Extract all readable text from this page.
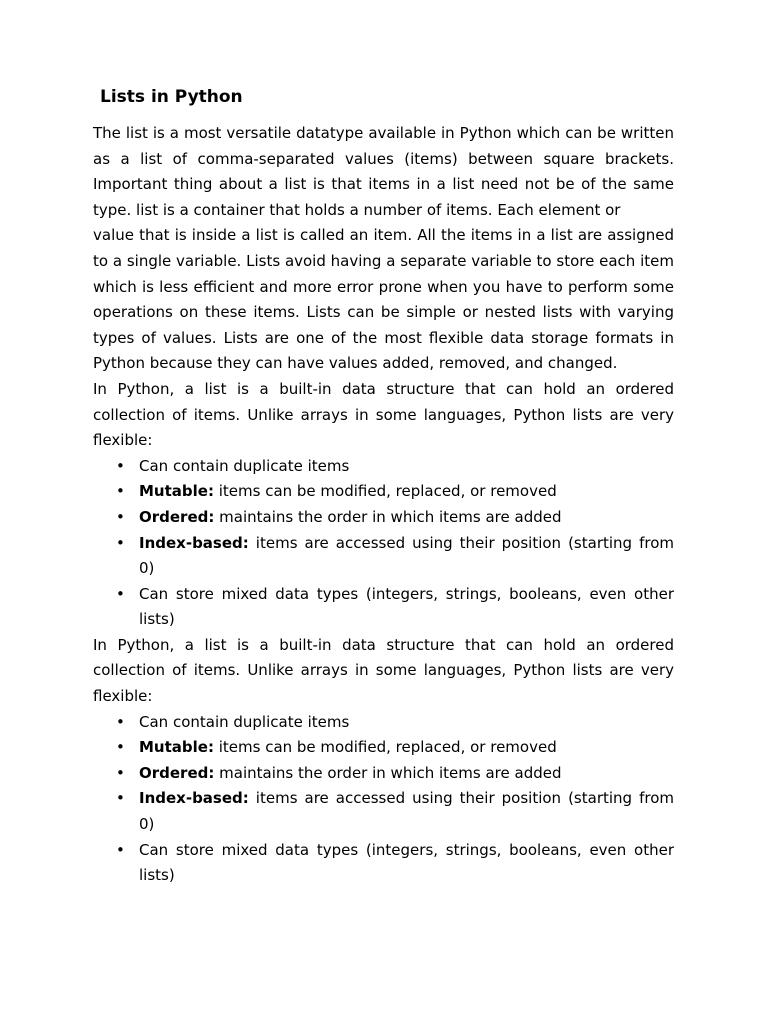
Lists in Python

The list is a most versatile datatype available in Python which can be written as a list of comma-separated values (items) between square brackets. Important thing about a list is that items in a list need not be of the same type. list is a container that holds a number of items. Each element or

value that is inside a list is called an item. All the items in a list are assigned to a single variable. Lists avoid having a separate variable to store each item which is less efficient and more error prone when you have to perform some operations on these items. Lists can be simple or nested lists with varying types of values. Lists are one of the most flexible data storage formats in Python because they can have values added, removed, and changed.

In Python, a list is a built-in data structure that can hold an ordered collection of items. Unlike arrays in some languages, Python lists are very flexible:

• Can contain duplicate items
• Mutable: items can be modified, replaced, or removed
• Ordered: maintains the order in which items are added
• Index-based: items are accessed using their position (starting from 0)
• Can store mixed data types (integers, strings, booleans, even other lists)

In Python, a list is a built-in data structure that can hold an ordered collection of items. Unlike arrays in some languages, Python lists are very flexible:

• Can contain duplicate items
• Mutable: items can be modified, replaced, or removed
• Ordered: maintains the order in which items are added
• Index-based: items are accessed using their position (starting from 0)
• Can store mixed data types (integers, strings, booleans, even other lists)
